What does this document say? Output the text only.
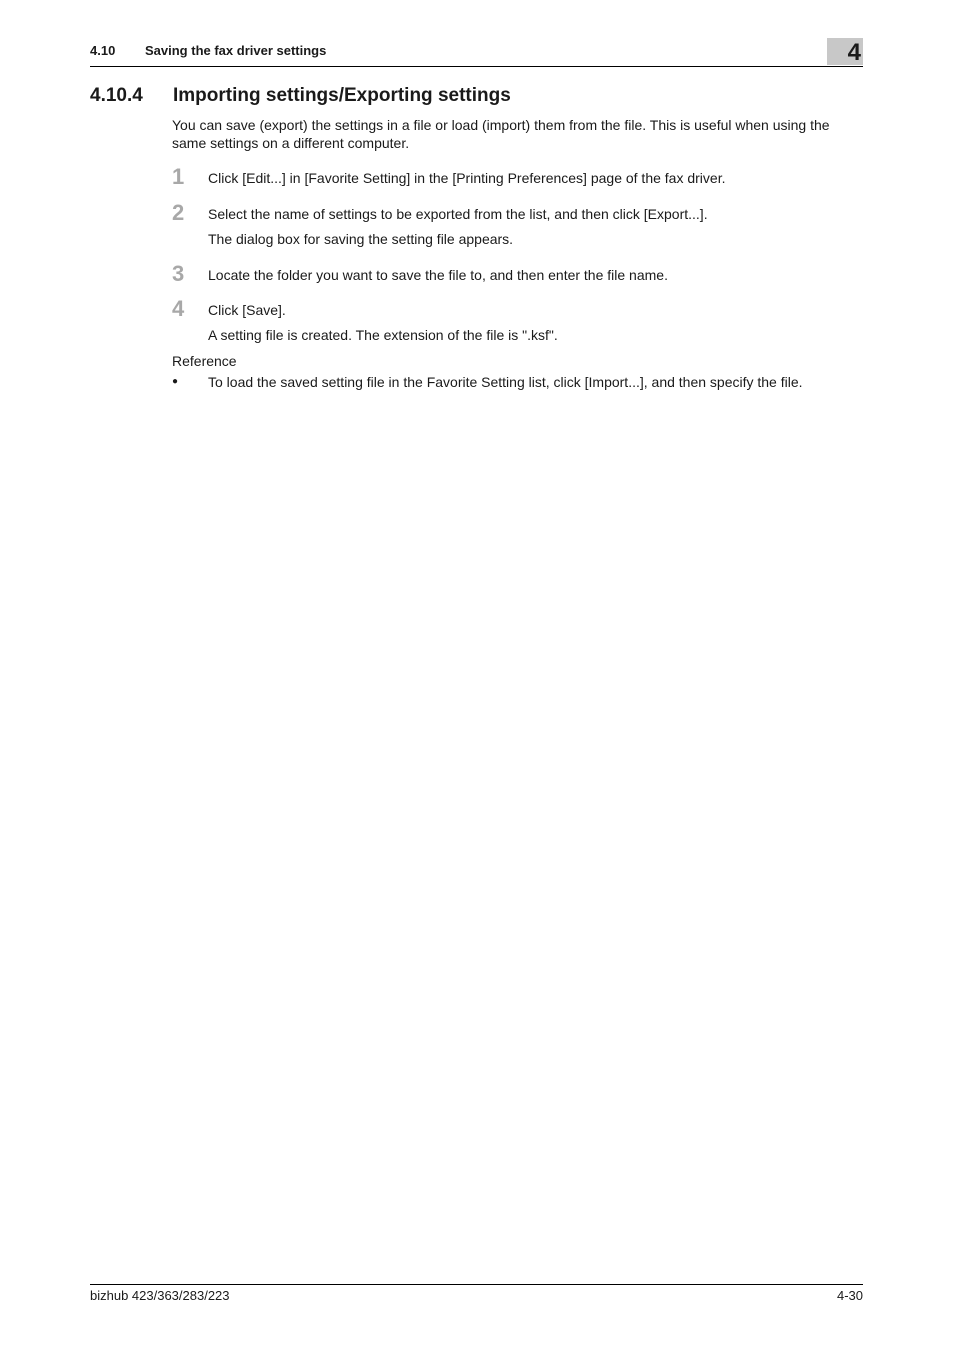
4.10 Saving the fax driver settings	4
4.10.4 Importing settings/Exporting settings

You can save (export) the settings in a file or load (import) them from the file. This is useful when using the same settings on a different computer.

1 Click [Edit...] in [Favorite Setting] in the [Printing Preferences] page of the fax driver.
2 Select the name of settings to be exported from the list, and then click [Export...].
The dialog box for saving the setting file appears.
3 Locate the folder you want to save the file to, and then enter the file name.
4 Click [Save].
A setting file is created. The extension of the file is ".ksf".
Reference
● To load the saved setting file in the Favorite Setting list, click [Import...], and then specify the file.
bizhub 423/363/283/223	4-30
